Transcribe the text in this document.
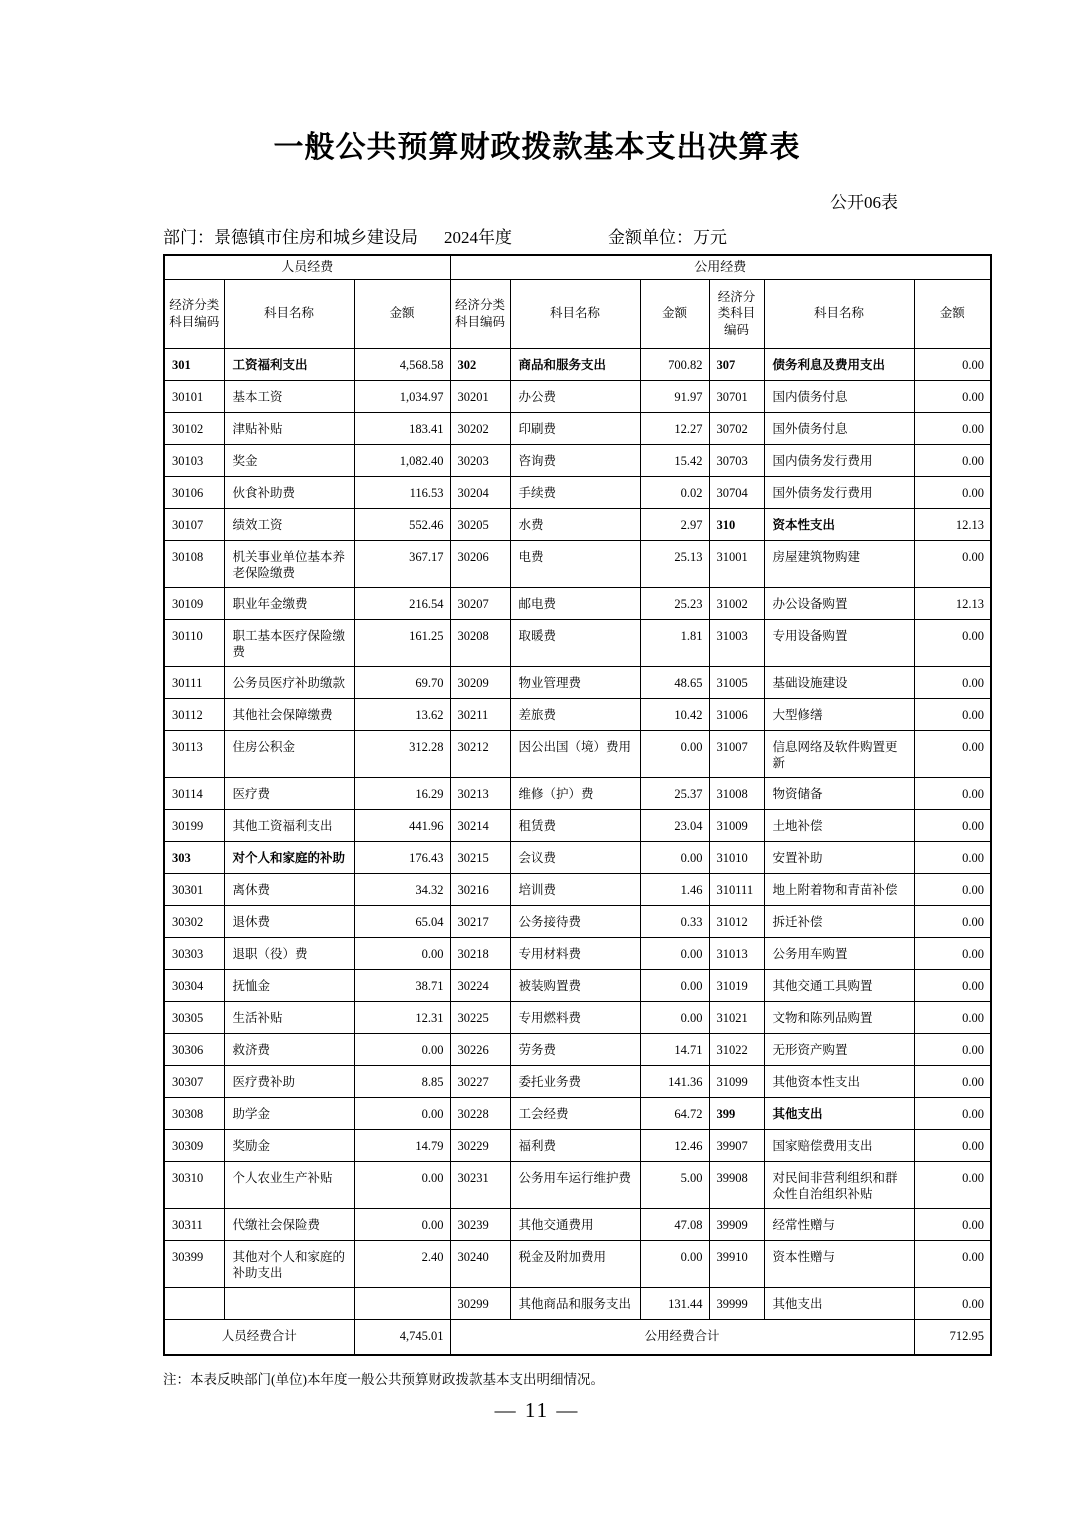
一般公共预算财政拨款基本支出决算表
公开06表
部门：景德镇市住房和城乡建设局 2024年度	金额单位：万元
人员经费			公用经费					
经济分类科目编码	科目名称	金额	经济分类科目编码	科目名称	金额	经济分类科目编码	科目名称	金额
301	工资福利支出	4,568.58	302	商品和服务支出	700.82	307	债务利息及费用支出	0.00
30101	基本工资	1,034.97	30201	办公费	91.97	30701	国内债务付息	0.00
30102	津贴补贴	183.41	30202	印刷费	12.27	30702	国外债务付息	0.00
30103	奖金	1,082.40	30203	咨询费	15.42	30703	国内债务发行费用	0.00
30106	伙食补助费	116.53	30204	手续费	0.02	30704	国外债务发行费用	0.00
30107	绩效工资	552.46	30205	水费	2.97	310	资本性支出	12.13
30108	机关事业单位基本养老保险缴费	367.17	30206	电费	25.13	31001	房屋建筑物购建	0.00
30109	职业年金缴费	216.54	30207	邮电费	25.23	31002	办公设备购置	12.13
30110	职工基本医疗保险缴费	161.25	30208	取暖费	1.81	31003	专用设备购置	0.00
30111	公务员医疗补助缴款	69.70	30209	物业管理费	48.65	31005	基础设施建设	0.00
30112	其他社会保障缴费	13.62	30211	差旅费	10.42	31006	大型修缮	0.00
30113	住房公积金	312.28	30212	因公出国（境）费用	0.00	31007	信息网络及软件购置更新	0.00
30114	医疗费	16.29	30213	维修（护）费	25.37	31008	物资储备	0.00
30199	其他工资福利支出	441.96	30214	租赁费	23.04	31009	土地补偿	0.00
303	对个人和家庭的补助	176.43	30215	会议费	0.00	31010	安置补助	0.00
30301	离休费	34.32	30216	培训费	1.46	310111	地上附着物和青苗补偿	0.00
30302	退休费	65.04	30217	公务接待费	0.33	31012	拆迁补偿	0.00
30303	退职（役）费	0.00	30218	专用材料费	0.00	31013	公务用车购置	0.00
30304	抚恤金	38.71	30224	被装购置费	0.00	31019	其他交通工具购置	0.00
30305	生活补贴	12.31	30225	专用燃料费	0.00	31021	文物和陈列品购置	0.00
30306	救济费	0.00	30226	劳务费	14.71	31022	无形资产购置	0.00
30307	医疗费补助	8.85	30227	委托业务费	141.36	31099	其他资本性支出	0.00
30308	助学金	0.00	30228	工会经费	64.72	399	其他支出	0.00
30309	奖励金	14.79	30229	福利费	12.46	39907	国家赔偿费用支出	0.00
30310	个人农业生产补贴	0.00	30231	公务用车运行维护费	5.00	39908	对民间非营利组织和群众性自治组织补贴	0.00
30311	代缴社会保险费	0.00	30239	其他交通费用	47.08	39909	经常性赠与	0.00
30399	其他对个人和家庭的补助支出	2.40	30240	税金及附加费用	0.00	39910	资本性赠与	0.00
			30299	其他商品和服务支出	131.44	39999	其他支出	0.00
人员经费合计		4,745.01	公用经费合计					712.95
注：本表反映部门(单位)本年度一般公共预算财政拨款基本支出明细情况。
— 11 —
